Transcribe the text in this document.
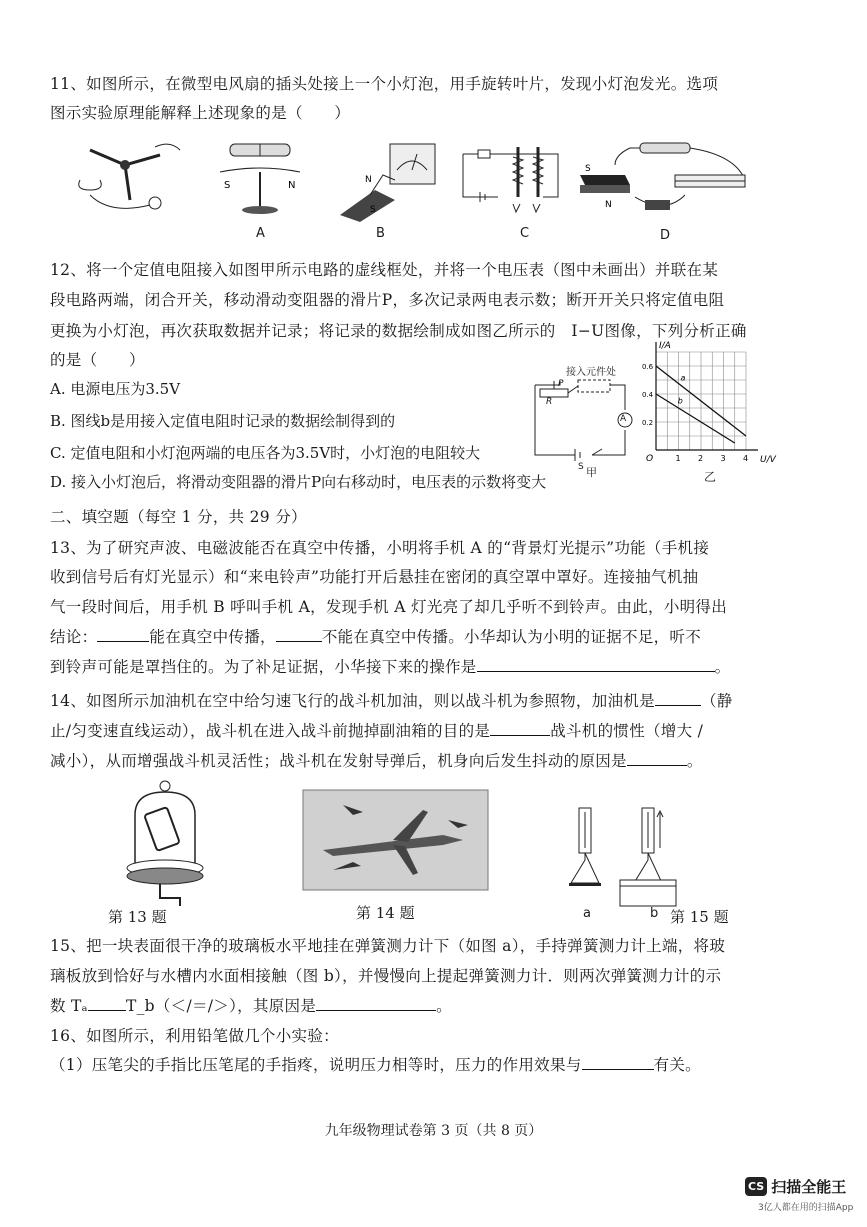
11、如图所示，在微型电风扇的插头处接上一个小灯泡，用手旋转叶片，发现小灯泡发光。选项
图示实验原理能解释上述现象的是（　　）
S	N
A
N
S
B	C
N
S
D
12、将一个定值电阻接入如图甲所示电路的虚线框处，并将一个电压表（图中未画出）并联在某
段电路两端，闭合开关，移动滑动变阻器的滑片P，多次记录两电表示数；断开开关只将定值电阻
更换为小灯泡，再次获取数据并记录；将记录的数据绘制成如图乙所示的　I−U图像，下列分析正确
的是（　　）
A. 电源电压为3.5V
B. 图线b是用接入定值电阻时记录的数据绘制得到的
C. 定值电阻和小灯泡两端的电压各为3.5V时，小灯泡的电阻较大
D. 接入小灯泡后，将滑动变阻器的滑片P向右移动时，电压表的示数将变大
接入元件处
P
R
A
S 甲
U/V
I/A
O	1 2 3 4
0.2
0.4
0.6
a
b
乙
二、填空题（每空 1 分，共 29 分）
13、为了研究声波、电磁波能否在真空中传播，小明将手机 A 的“背景灯光提示”功能（手机接
收到信号后有灯光显示）和“来电铃声”功能打开后悬挂在密闭的真空罩中罩好。连接抽气机抽
气一段时间后，用手机 B 呼叫手机 A，发现手机 A 灯光亮了却几乎听不到铃声。由此，小明得出
结论：	能在真空中传播，	不能在真空中传播。小华却认为小明的证据不足，听不
到铃声可能是罩挡住的。为了补足证据，小华接下来的操作是	。
14、如图所示加油机在空中给匀速飞行的战斗机加油，则以战斗机为参照物，加油机是	（静
止/匀变速直线运动），战斗机在进入战斗前抛掉副油箱的目的是	战斗机的惯性（增大 /
减小），从而增强战斗机灵活性；战斗机在发射导弹后，机身向后发生抖动的原因是	。
第 13 题	第 14 题	a	b 第 15 题
15、把一块表面很干净的玻璃板水平地挂在弹簧测力计下（如图 a），手持弹簧测力计上端，将玻
璃板放到恰好与水槽内水面相接触（图 b），并慢慢向上提起弹簧测力计．则两次弹簧测力计的示
数 Tₐ T_b（＜/＝/＞），其原因是	。
16、如图所示，利用铅笔做几个小实验：
（1）压笔尖的手指比压笔尾的手指疼，说明压力相等时，压力的作用效果与	有关。
九年级物理试卷第 3 页（共 8 页）
CS 扫描全能王
3亿人都在用的扫描App
